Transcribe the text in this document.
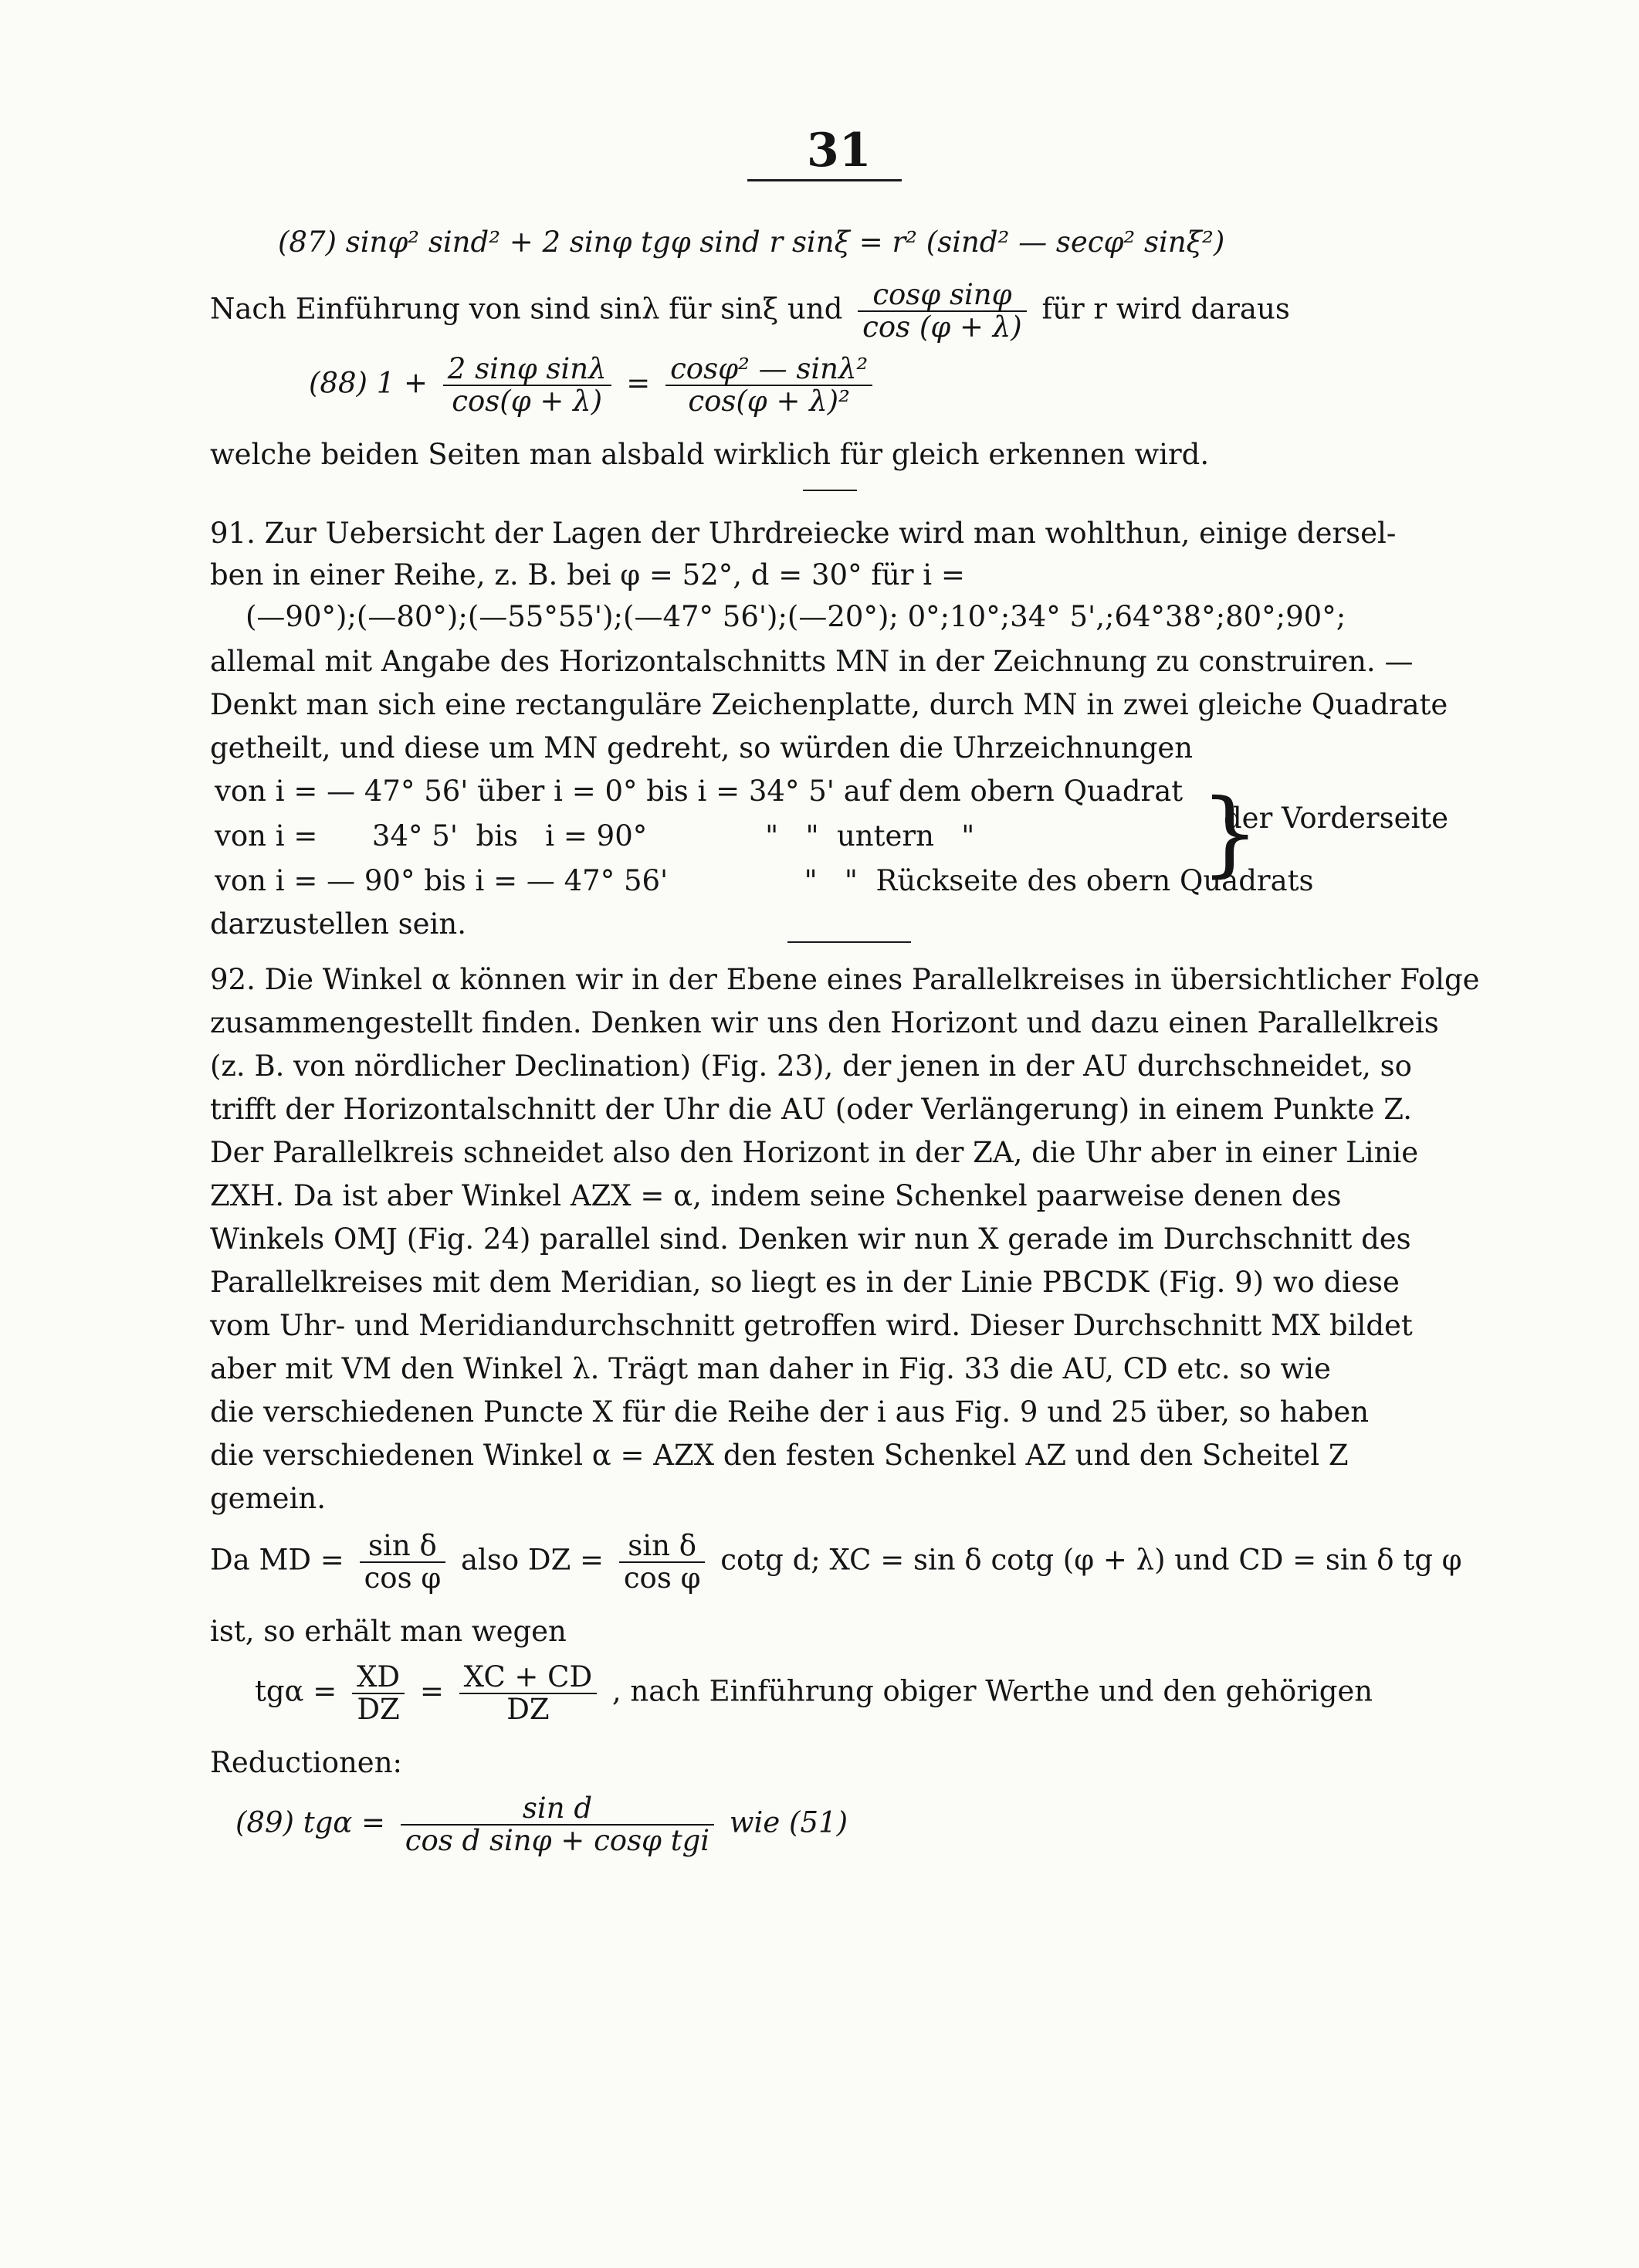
31
(87) sinφ² sind² + 2 sinφ tgφ sind r sinξ = r² (sind² — secφ² sinξ²)
Nach Einführung von sind sinλ für sinξ und $\frac{\text{cosφ sinφ}}{\cos (\varphi + \lambda)}$ für r wird daraus
(88) $1 + \frac{\text{2 sinφ sinλ}}{\cos(\varphi + \lambda)} = \frac{\text{cosφ² — sinλ²}}{\text{cos(φ + λ)²}}$
welche beiden Seiten man alsbald wirklich für gleich erkennen wird.
91. Zur Uebersicht der Lagen der Uhrdreiecke wird man wohlthun, einige dersel-
ben in einer Reihe, z. B. bei φ = 52°, d = 30° für i =
(—90°);(—80°);(—55°55');(—47° 56');(—20°); 0°;10°;34° 5',;64°38°;80°;90°;
allemal mit Angabe des Horizontalschnitts MN in der Zeichnung zu construiren. —
Denkt man sich eine rectanguläre Zeichenplatte, durch MN in zwei gleiche Quadrate
getheilt, und diese um MN gedreht, so würden die Uhrzeichnungen
von i = — 47° 56' über i = 0° bis i = 34° 5' auf dem obern Quadrat
von i =      34° 5'  bis   i = 90°             "   "  untern   "
von i = — 90° bis i = — 47° 56'               "   "  Rückseite des obern Quadrats
}
der Vorderseite
darzustellen sein.
92. Die Winkel α können wir in der Ebene eines Parallelkreises in übersichtlicher Folge
zusammengestellt finden. Denken wir uns den Horizont und dazu einen Parallelkreis
(z. B. von nördlicher Declination) (Fig. 23), der jenen in der AU durchschneidet, so
trifft der Horizontalschnitt der Uhr die AU (oder Verlängerung) in einem Punkte Z.
Der Parallelkreis schneidet also den Horizont in der ZA, die Uhr aber in einer Linie
ZXH. Da ist aber Winkel AZX = α, indem seine Schenkel paarweise denen des
Winkels OMJ (Fig. 24) parallel sind. Denken wir nun X gerade im Durchschnitt des
Parallelkreises mit dem Meridian, so liegt es in der Linie PBCDK (Fig. 9) wo diese
vom Uhr- und Meridiandurchschnitt getroffen wird. Dieser Durchschnitt MX bildet
aber mit VM den Winkel λ. Trägt man daher in Fig. 33 die AU, CD etc. so wie
die verschiedenen Puncte X für die Reihe der i aus Fig. 9 und 25 über, so haben
die verschiedenen Winkel α = AZX den festen Schenkel AZ und den Scheitel Z
gemein.
Da MD = $\frac{\text{sin δ}}{\text{cos φ}}$ also DZ = $\frac{\text{sin δ}}{\text{cos φ}}$ cotg d; XC = sin δ cotg (φ + λ) und CD = sin δ tg φ
ist, so erhält man wegen
$tg\alpha = \frac{XD}{DZ} = \frac{XC + CD}{DZ}$ , nach Einführung obiger Werthe und den gehörigen
Reductionen:
(89) $tg\alpha = \frac{\text{sin d}}{\text{cos d sinφ + cosφ tgi}}$ wie (51)
